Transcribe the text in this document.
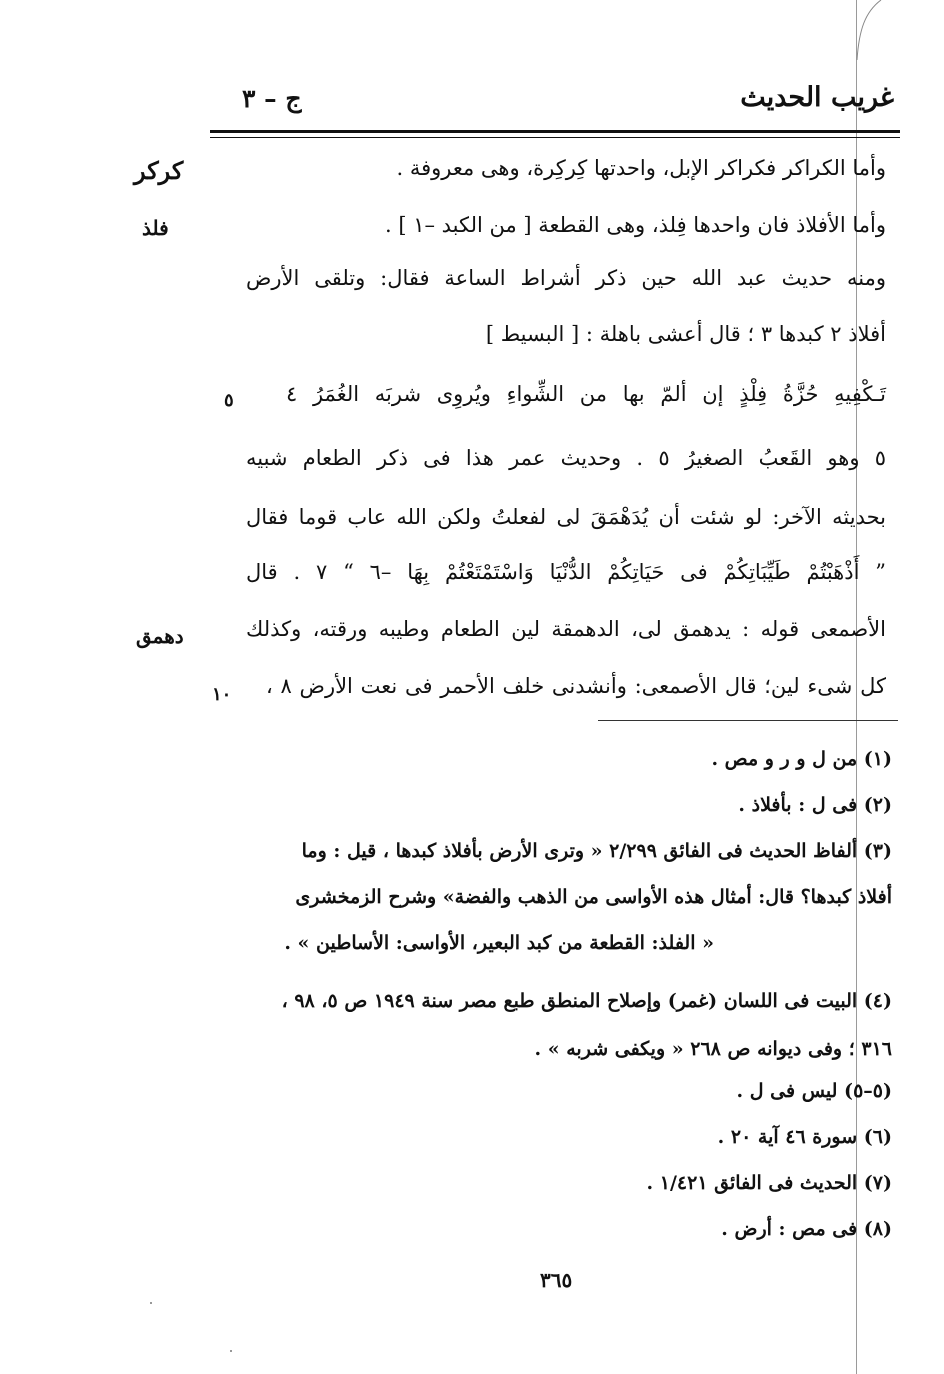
غريب الحديث
ج – ٣
وأما الكراكر فكراكر الإبل، واحدتها كِركِرة، وهى معروفة .
وأما الأفلاذ فان واحدها فِلذ، وهى القطعة [ من الكبد –١ ] .
ومنه حديث عبد الله حين ذكر أشراط الساعة فقال: وتلقى الأرض
أفلاذ ٢ كبدها ٣ ؛ قال أعشى باهلة : [ البسيط ]
تَـكْفِيهِ حُزَّةُ فِلْذٍ إن ألمّ بها من الشِّواءِ ويُروِى شربَه الغُمَرُ ٤
٥ وهو القَعبُ الصغيرُ ٥ . وحديث عمر هذا فى ذكر الطعام شبيه
بحديثه الآخر: لو شئت أن يُدَهْمَقَ لى لفعلتُ ولكن الله عاب قوما فقال
” أَذْهَبْتُمْ طَيِّبَاتِكُمْ فى حَيَاتِكُمْ الدُّنْيَا وَاسْتَمْتَعْتُمْ بِهَا –٦ “ ٧ . قال
الأصمعى قوله : يدهمق لى، الدهمقة لين الطعام وطيبه ورقته، وكذلك
كل شىء لين؛ قال الأصمعى: وأنشدنى خلف الأحمر فى نعت الأرض ٨ ،
كركر
فلذ
دهمق
٥
١٠
(١) من ل و ر و مص .
(٢) فى ل : بأفلاذ .
(٣) ألفاظ الحديث فى الفائق ٢/٢٩٩ « وترى الأرض بأفلاذ كبدها ، قيل : وما
أفلاذ كبدها؟ قال: أمثال هذه الأواسى من الذهب والفضة» وشرح الزمخشرى
« الفلذ: القطعة من كبد البعير، الأواسى: الأساطين » .
(٤) البيت فى اللسان (غمر) وإصلاح المنطق طبع مصر سنة ١٩٤٩ ص ٥، ٩٨ ،
٣١٦ ؛ وفى ديوانه ص ٢٦٨ « ويكفى شربه » .
(٥–٥) ليس فى ل .
(٦) سورة ٤٦ آية ٢٠ .
(٧) الحديث فى الفائق ١/٤٢١ .
(٨) فى مص : أرض .
٣٦٥
